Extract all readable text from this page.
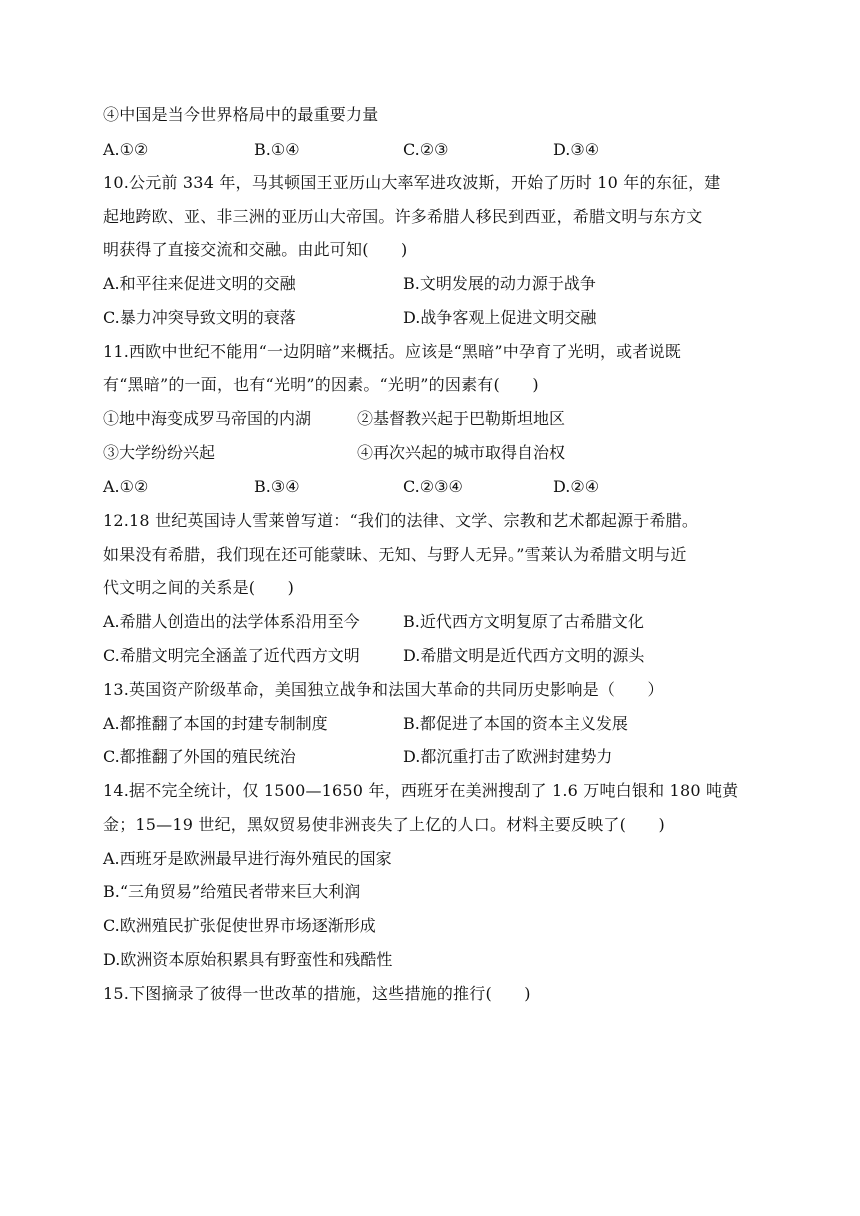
④中国是当今世界格局中的最重要力量
A.①②	B.①④	C.②③	D.③④
10.公元前 334 年，马其顿国王亚历山大率军进攻波斯，开始了历时 10 年的东征，建
起地跨欧、亚、非三洲的亚历山大帝国。许多希腊人移民到西亚，希腊文明与东方文
明获得了直接交流和交融。由此可知(　　)
A.和平往来促进文明的交融	B.文明发展的动力源于战争
C.暴力冲突导致文明的衰落	D.战争客观上促进文明交融
11.西欧中世纪不能用“一边阴暗”来概括。应该是“黑暗”中孕育了光明，或者说既
有“黑暗”的一面，也有“光明”的因素。“光明”的因素有(　　)
①地中海变成罗马帝国的内湖	②基督教兴起于巴勒斯坦地区
③大学纷纷兴起	④再次兴起的城市取得自治权
A.①②	B.③④	C.②③④	D.②④
12.18 世纪英国诗人雪莱曾写道：“我们的法律、文学、宗教和艺术都起源于希腊。
如果没有希腊，我们现在还可能蒙昧、无知、与野人无异。”雪莱认为希腊文明与近
代文明之间的关系是(　　)
A.希腊人创造出的法学体系沿用至今	B.近代西方文明复原了古希腊文化
C.希腊文明完全涵盖了近代西方文明	D.希腊文明是近代西方文明的源头
13.英国资产阶级革命，美国独立战争和法国大革命的共同历史影响是（　　）
A.都推翻了本国的封建专制制度	B.都促进了本国的资本主义发展
C.都推翻了外国的殖民统治	D.都沉重打击了欧洲封建势力
14.据不完全统计，仅 1500—1650 年，西班牙在美洲搜刮了 1.6 万吨白银和 180 吨黄
金；15—19 世纪，黑奴贸易使非洲丧失了上亿的人口。材料主要反映了(　　)
A.西班牙是欧洲最早进行海外殖民的国家
B.“三角贸易”给殖民者带来巨大利润
C.欧洲殖民扩张促使世界市场逐渐形成
D.欧洲资本原始积累具有野蛮性和残酷性
15.下图摘录了彼得一世改革的措施，这些措施的推行(　　)
